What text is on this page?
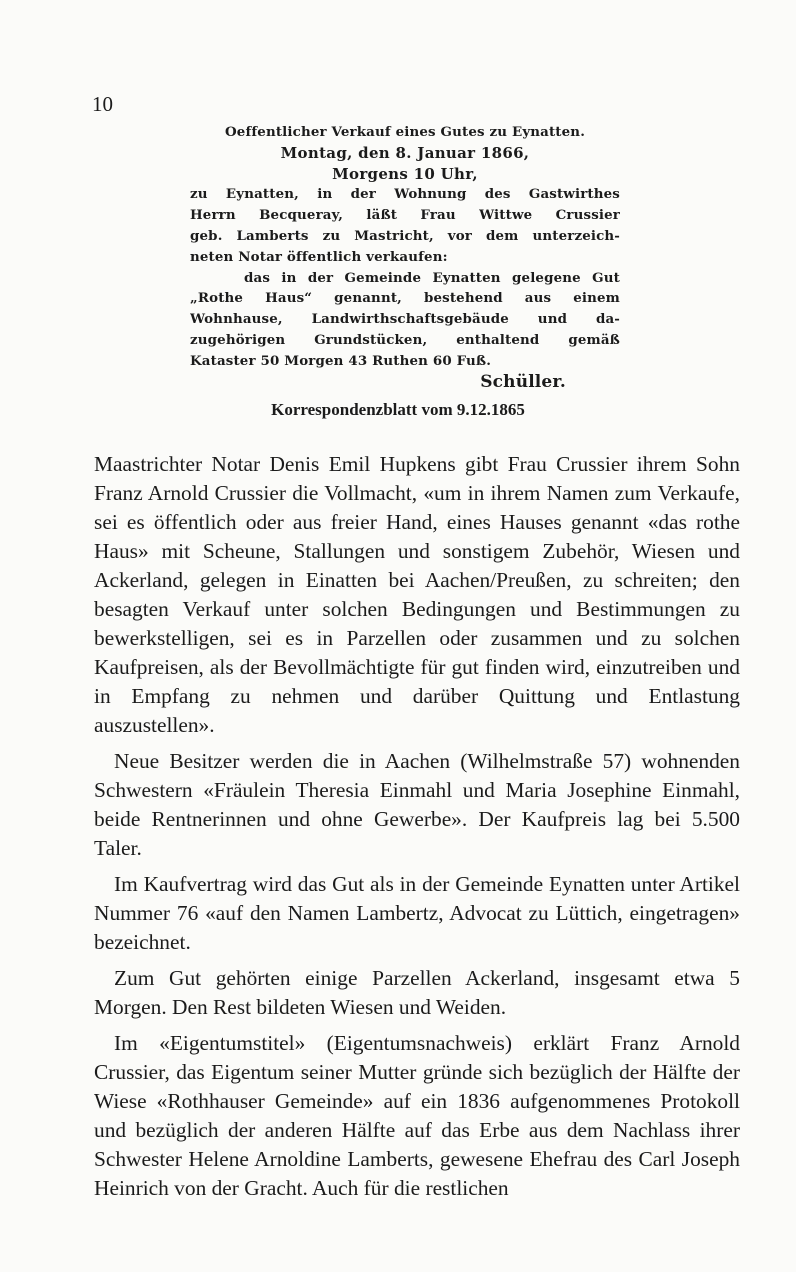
10
Oeffentlicher Verkauf eines Gutes zu Eynatten.
Montag, den 8. Januar 1866,
Morgens 10 Uhr,
zu Eynatten, in der Wohnung des Gastwirthes
Herrn Becqueray, läßt Frau Wittwe Crussier
geb. Lamberts zu Mastricht, vor dem unterzeich-
neten Notar öffentlich verkaufen:
das in der Gemeinde Eynatten gelegene Gut
„Rothe Haus“ genannt, bestehend aus einem
Wohnhause, Landwirthschaftsgebäude und da-
zugehörigen Grundstücken, enthaltend gemäß
Kataster 50 Morgen 43 Ruthen 60 Fuß.
Schüller.
Korrespondenzblatt vom 9.12.1865

Maastrichter Notar Denis Emil Hupkens gibt Frau Crussier ihrem Sohn Franz Arnold Crussier die Vollmacht, «um in ihrem Namen zum Verkaufe, sei es öffentlich oder aus freier Hand, eines Hauses genannt «das rothe Haus» mit Scheune, Stallungen und sonstigem Zubehör, Wiesen und Ackerland, gelegen in Einatten bei Aachen/Preußen, zu schreiten; den besagten Verkauf unter solchen Bedingungen und Bestimmungen zu bewerkstelligen, sei es in Parzellen oder zusammen und zu solchen Kaufpreisen, als der Bevollmächtigte für gut finden wird, einzutreiben und in Empfang zu nehmen und darüber Quittung und Entlastung auszustellen».

Neue Besitzer werden die in Aachen (Wilhelmstraße 57) wohnenden Schwestern «Fräulein Theresia Einmahl und Maria Josephine Einmahl, beide Rentnerinnen und ohne Gewerbe». Der Kaufpreis lag bei 5.500 Taler.

Im Kaufvertrag wird das Gut als in der Gemeinde Eynatten unter Artikel Nummer 76 «auf den Namen Lambertz, Advocat zu Lüttich, eingetragen» bezeichnet.

Zum Gut gehörten einige Parzellen Ackerland, insgesamt etwa 5 Morgen. Den Rest bildeten Wiesen und Weiden.

Im «Eigentumstitel» (Eigentumsnachweis) erklärt Franz Arnold Crussier, das Eigentum seiner Mutter gründe sich bezüglich der Hälfte der Wiese «Rothhauser Gemeinde» auf ein 1836 aufgenommenes Protokoll und bezüglich der anderen Hälfte auf das Erbe aus dem Nachlass ihrer Schwester Helene Arnoldine Lamberts, gewesene Ehefrau des Carl Joseph Heinrich von der Gracht. Auch für die restlichen
